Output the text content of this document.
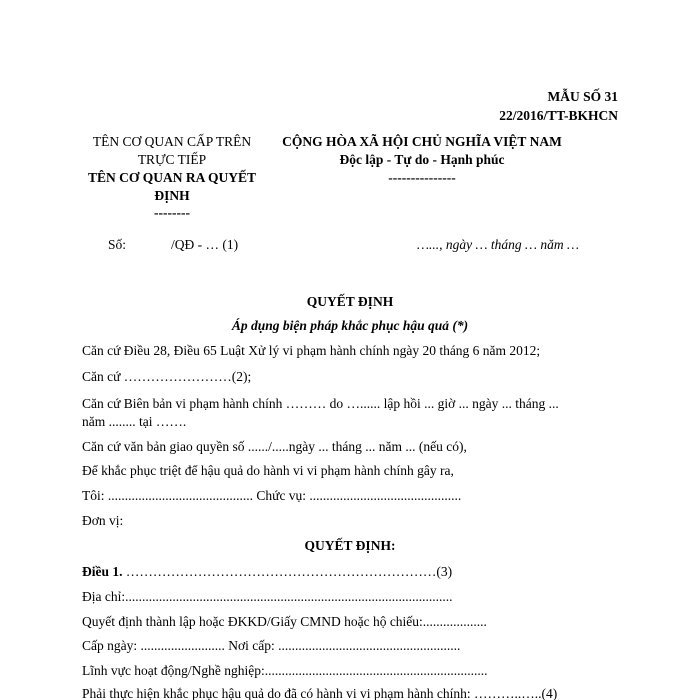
MẪU SỐ 31
22/2016/TT-BKHCN
TÊN CƠ QUAN CẤP TRÊN
TRỰC TIẾP
TÊN CƠ QUAN RA QUYẾT
ĐỊNH
--------
CỘNG HÒA XÃ HỘI CHỦ NGHĨA VIỆT NAM
Độc lập - Tự do - Hạnh phúc
---------------
Số:	/QĐ - … (1)	…..., ngày … tháng … năm …
QUYẾT ĐỊNH
Áp dụng biện pháp khắc phục hậu quả (*)
Căn cứ Điều 28, Điều 65 Luật Xử lý vi phạm hành chính ngày 20 tháng 6 năm 2012;
Căn cứ ……………………(2);
Căn cứ Biên bản vi phạm hành chính ……… do …...... lập hồi ... giờ ... ngày ... tháng ...
năm ........ tại …….
Căn cứ văn bản giao quyền số ....../.....ngày ... tháng ... năm ... (nếu có),
Để khắc phục triệt để hậu quả do hành vi vi phạm hành chính gây ra,
Tôi: ........................................... Chức vụ: .............................................
Đơn vị:
QUYẾT ĐỊNH:
Điều 1. ……………………………………………………………(3)
Địa chỉ:.................................................................................................
Quyết định thành lập hoặc ĐKKD/Giấy CMND hoặc hộ chiếu:...................
Cấp ngày: ......................... Nơi cấp: ......................................................
Lĩnh vực hoạt động/Nghề nghiệp:..................................................................
Phải thực hiện khắc phục hậu quả do đã có hành vi vi phạm hành chính: ………..…..(4)
